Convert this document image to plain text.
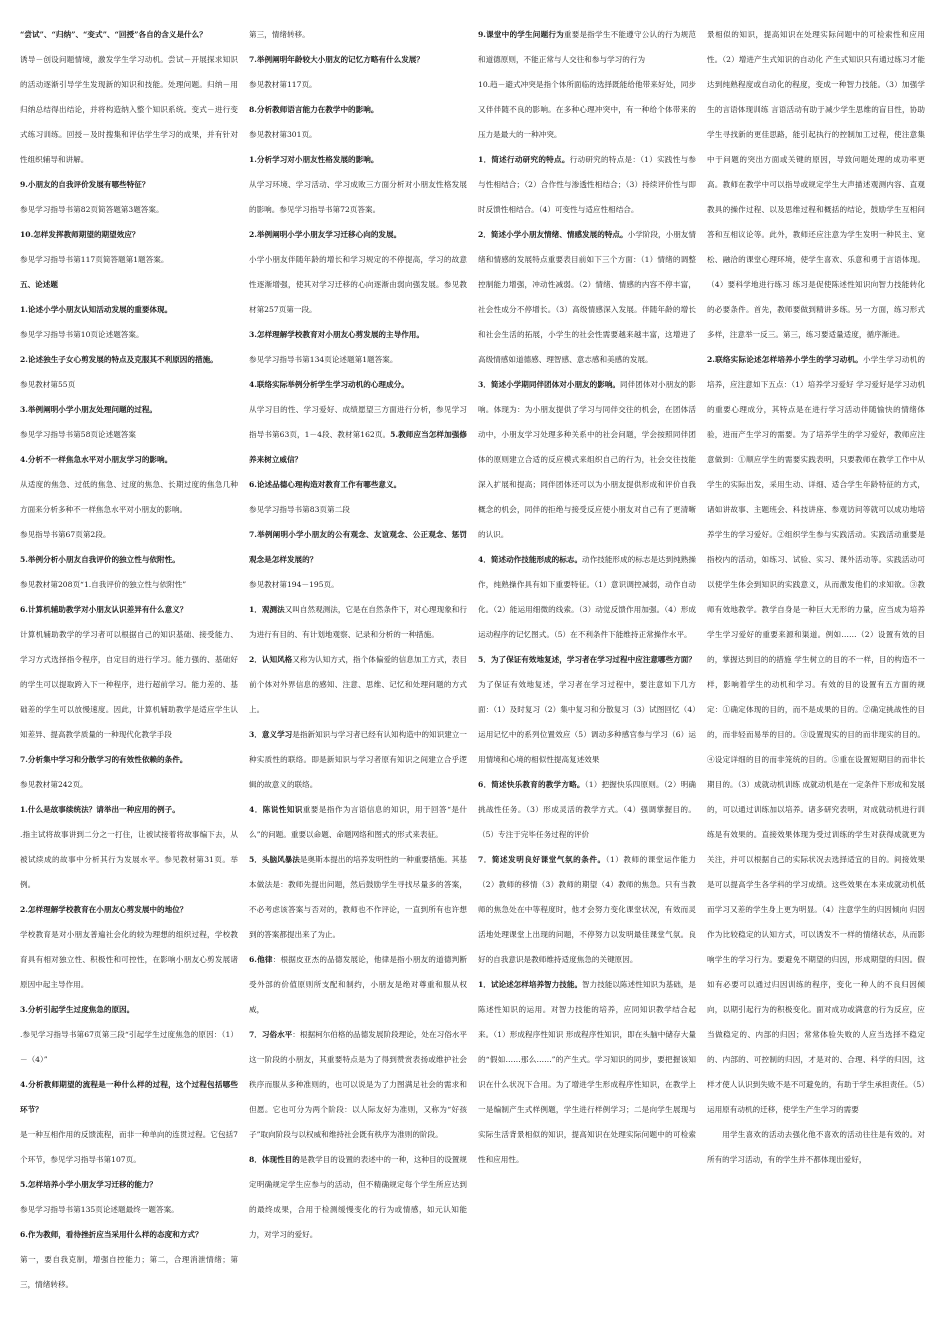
“尝试”、“归纳”、“变式”、“回授”各自的含义是什么？

诱导－创设问题情境，激发学生学习动机。尝试－开展探求知识的活动逐渐引导学生发现新的知识和技能。处理问题。归纳－用归纳总结得出结论，并将构造纳入整个知识系统。变式－进行变式练习训练。回授－及时搜集和评估学生学习的成果，并有针对性组织辅导和讲解。

9.小朋友的自我评价发展有哪些特征？

参见学习指导书第82页简答题第3题答案。

10.怎样发挥教师期望的期望效应？

参见学习指导书第117页简答题第1题答案。

五、论述题

1.论述小学小朋友认知活动发展的重要体现。

参见学习指导书第10页论述题答案。

2.论述独生子女心剪发展的特点及克服其不利原因的措施。

参见教材第55页

3.举例阐明小学小朋友处理问题的过程。

参见学习指导书第58页论述题答案

4.分析不一样焦急水平对小朋友学习的影响。

从适度的焦急、过低的焦急、过度的焦急、长期过度的焦急几种方面来分析多种不一样焦急水平对小朋友的影响。

参见指导书第67页第2段。

5.举例分析小朋友自我评价的独立性与依附性。

参见教材第208页“1.自我评价的独立性与依附性”

6.计算机辅助教学对小朋友认识差异有什么意义？

计算机辅助教学的学习者可以根据自己的知识基础、接受能力、学习方式选择指令程序，自定目的进行学习。能力强的、基础好的学生可以提取跨入下一种程序，进行超前学习。能力差的、基础差的学生可以放慢速度。因此，计算机辅助教学是适应学生认知差异、提高教学质量的一种现代化教学手段

7.分析集中学习和分散学习的有效性依赖的条件。

参见教材第242页。

1.什么是故事续统法？请举出一种应用的例子。

.指主试将故事讲到二分之一打住，让被试接着将故事编下去，从被试续成的故事中分析其行为发展水平。参见教材第31页。举例。

2.怎样理解学校教育在小朋友心剪发展中的地位？

学校教育是对小朋友普遍社会化的较为理想的组织过程，学校教育具有相对独立性、积极性和可控性，在影响小朋友心剪发展诸原因中起主导作用。

3.分析引起学生过度焦急的原因。

.参见学习指导书第67页第三段“引起学生过度焦急的原因：（1）－（4）”

4.分析教师期望的流程是一种什么样的过程，这个过程包括哪些环节？

是一种互相作用的反馈流程，而非一种单向的连贯过程。它包括7个环节，参见学习指导书第107页。

5.怎样培养小学小朋友学习迁移的能力？

参见学习指导书第135页论述题最终一题答案。

6.作为教师，看待挫折应当采用什么样的态度和方式？

第一，要自我克制，增强自控能力；第二，合理消泄情绪；第三，情绪转移。

第三，情绪转移。

7.举例阐明年龄较大小朋友的记忆方略有什么发展？

参见教材第117页。

8.分析教师语言能力在教学中的影响。

参见教材第301页。

1.分析学习对小朋友性格发展的影响。

从学习环境、学习活动、学习成败三方面分析对小朋友性格发展的影响。参见学习指导书第72页答案。

2.举例阐明小学小朋友学习迁移心向的发展。

小学小朋友伴随年龄的增长和学习规定的不停提高，学习的故意性逐渐增强，使其对学习迁移的心向逐渐由弱向强发展。参见教材第257页第一段。

3.怎样理解学校教育对小朋友心剪发展的主导作用。

参见学习指导书第134页论述题第1题答案。

4.联络实际举例分析学生学习动机的心理成分。

从学习目的性、学习爱好、成绩愿望三方面进行分析，参见学习指导书第63页，1－4段、教材第162页。5.教师应当怎样加强修养来树立威信？

6.论述品德心理构造对教育工作有哪些意义。

参见学习指导书第83页第二段

7.举例阐明小学小朋友的公有观念、友谊观念、公正观念、惩罚观念是怎样发展的？

参见教材第194－195页。

1．观测法又叫自然观测法，它是在自然条件下，对心理现象和行为进行有目的、有计划地观察、记录和分析的一种措施。

2．认知风格又称为认知方式，指个体偏爱的信息加工方式，表目前个体对外界信息的感知、注意、思维、记忆和处理问题的方式上。

3．意义学习是指新知识与学习者已经有认知构造中的知识建立一种实质性的联络。即是新知识与学习者原有知识之间建立合乎逻辑的故意义的联络。

4．陈说性知识重要是指作为言语信息的知识，用于回答“是什么”的问题。重要以命题、命题网络和图式的形式来表征。

5．头脑风暴法是奥斯本提出的培养发明性的一种重要措施。其基本做法是：教师先提出问题，然后鼓励学生寻找尽量多的答案，不必考虑该答案与否对的，教师也不作评论，一直到所有也许想到的答案都提出来了为止。

6.他律：根据皮亚杰的品德发展论，他律是指小朋友的道德判断受外部的价值原则所支配和制约，小朋友是绝对尊重和服从权威，

7．习俗水平：根据柯尔伯格的品德发展阶段理论，处在习俗水平这一阶段的小朋友，其重要特点是为了得到赞赏表扬或维护社会秩序而服从多种准则的，也可以说是为了力图满足社会的需求和但愿。它也可分为两个阶段：以人际友好为准则，又称为“好孩子”取向阶段与以权威和维持社会既有秩序为准则的阶段。

8．体现性目的是教学目的设置的表述中的一种，这种目的设置规定明确规定学生应参与的活动，但不精确规定每个学生所应达到的最终成果，合用于检测缓慢变化的行为或情感，如元认知能力，对学习的爱好。

9.课堂中的学生问题行为重要是指学生不能遵守公认的行为规范和道德原则，不能正常与人交往和参与学习的行为

10.趋－避式冲突是指个体所面临的选择既能给他带来好处，同步又伴伴随不良的影响。在多种心理冲突中，有一种给个体带来的压力是最大的一种冲突。

1．简述行动研究的特点。行动研究的特点是：（1）实践性与参与性相结合；（2）合作性与渗透性相结合；（3）持续评价性与即时反馈性相结合。（4）可变性与适应性相结合。

2．简述小学小朋友情绪、情感发展的特点。小学阶段，小朋友情绪和情感的发展特点重要表目前如下三个方面：（1）情绪的调整控制能力增强，冲动性减弱。（2）情绪、情感的内容不停丰富，社会性成分不停增长。（3）高级情感深入发展。伴随年龄的增长和社会生活的拓展，小学生的社会性需要越来越丰富，这增进了高级情感如道德感、理智感、意志感和美感的发展。

3．简述小学期同伴团体对小朋友的影响。同伴团体对小朋友的影响。体现为：为小朋友提供了学习与同伴交往的机会，在团体活动中，小朋友学习处理多种关系中的社会问题，学会按照同伴团体的原则建立合适的反应模式来组织自己的行为，社会交往技能深入扩展和提高；同伴团体还可以为小朋友提供形成和评价自我概念的机会，同伴的拒绝与接受反应使小朋友对自己有了更清晰的认识。

4．简述动作技能形成的标志。动作技能形成的标志是达到纯熟操作，纯熟操作具有如下重要特征。（1）意识调控减弱，动作自动化。（2）能运用细微的线索。（3）动觉反馈作用加强。（4）形成运动程序的记忆图式。（5）在不利条件下能维持正常操作水平。

5．为了保证有效地复述，学习者在学习过程中应注意哪些方面？为了保证有效地复述，学习者在学习过程中，要注意如下几方面：（1）及时复习（2）集中复习和分散复习（3）试图回忆（4）运用记忆中的系列位置效应（5）调动多种感官参与学习（6）运用情境和心境的相似性提高复述效果

6．简述快乐教育的教学方略。（1）把握快乐四原则。（2）明确挑战性任务。（3）形成灵活的教学方式。（4）强调掌握目的。（5）专注于完毕任务过程的评价

7．简述发明良好课堂气氛的条件。（1）教师的课堂运作能力（2）教师的移情（3）教师的期望（4）教师的焦急。只有当教师的焦急处在中等程度时，他才会努力变化课堂状况，有效而灵活地处理课堂上出现的问题，不停努力以发明最佳课堂气氛。良好的自我意识是教师维持适度焦急的关键原因。

1．试论述怎样培养智力技能。智力技能以陈述性知识为基础，是陈述性知识的运用。对智力技能的培养，应同知识教学结合起来。（1）形成程序性知识 形成程序性知识，即在头脑中储存大量的“假如……那么……”的产生式。学习知识的同步，要把握该知识在什么状况下合用。为了增进学生形成程序性知识，在教学上一是编制产生式样例题，学生进行样例学习；二是向学生展现与实际生活背景相似的知识，提高知识在处理实际问题中的可检索性和应用性。

景相似的知识，提高知识在处理实际问题中的可检索性和应用性。（2）增进产生式知识的自动化 产生式知识只有通过练习才能达到纯熟程度或自动化的程度，变成一种智力技能。（3）加强学生的言语体现训练 言语活动有助于减少学生思维的盲目性，协助学生寻找新的更佳思路，能引起执行的控制加工过程，使注意集中于问题的突出方面或关键的原因，导致问题处理的成功率更高。教师在教学中可以指导或规定学生大声描述观测内容、直观教具的操作过程、以及思维过程和概括的结论，鼓励学生互相问答和互相议论等。此外，教师还应注意为学生发明一种民主、宽松、融洽的课堂心理环境，使学生喜欢、乐意和勇于言语体现。（4）要科学地进行练习 练习是促使陈述性知识向智力技能转化的必要条件。首先，教师要做到精讲多练。另一方面，练习形式多样，注意举一反三。第三，练习要适量适度，循序渐进。

2.联络实际论述怎样培养小学生的学习动机。小学生学习动机的培养，应注意如下五点：（1）培养学习爱好 学习爱好是学习动机的重要心理成分，其特点是在进行学习活动伴随愉快的情绪体验，进而产生学习的需要。为了培养学生的学习爱好，教师应注意做到：①顺应学生的需要实践表明，只要教师在教学工作中从学生的实际出发，采用生动、详细、适合学生年龄特征的方式，诸如讲故事、主题班会、科技讲座、参观访问等就可以成功地培养学生的学习爱好。②组织学生参与实践活动。实践活动重要是指校内的活动，如练习、试验、实习、课外活动等。实践活动可以使学生体会到知识的实践意义，从而激发他们的求知欲。③教师有效地教学。教学自身是一种巨大无形的力量，应当成为培养学生学习爱好的重要来源和渠道。例如……（2）设置有效的目的，掌握达到目的的措施 学生树立的目的不一样，目的构造不一样，影响着学生的动机和学习。有效的目的设置有五方面的规定：①确定体现的目的，而不是成果的目的。②确定挑战性的目的，而非轻而易举的目的。③设置现实的目的而非现实的目的。④设定详细的目的而非笼统的目的。⑤重在设置短期目的而非长期目的。（3）成就动机训练 成就动机是在一定条件下形成和发展的，可以通过训练加以培养。诸多研究表明，对成就动机进行训练是有效果的。直接效果体现为受过训练的学生对获得成就更为关注，并可以根据自己的实际状况去选择适宜的目的。间接效果是可以提高学生各学科的学习成绩。这些效果在本来成就动机低而学习又差的学生身上更为明显。（4）注意学生的归因倾向 归因作为比较稳定的认知方式，可以诱发不一样的情绪状态，从而影响学生的学习行为。要避免不期望的归因，形成期望的归因。假如有必要可以通过归因训练的程序，变化一种人的不良归因倾向，以期引起行为的积极变化。面对成功或满意的行为反应，应当做稳定的、内部的归因；常常体验失败的人应当选择不稳定的、内部的、可控制的归因，才是对的、合理、科学的归因，这样才使人认识到失败不是不可避免的，有助于学生承担责任。（5）运用原有动机的迁移，使学生产生学习的需要

用学生喜欢的活动去强化他不喜欢的活动往往是有效的。对所有的学习活动，有的学生并不都体现出爱好，
